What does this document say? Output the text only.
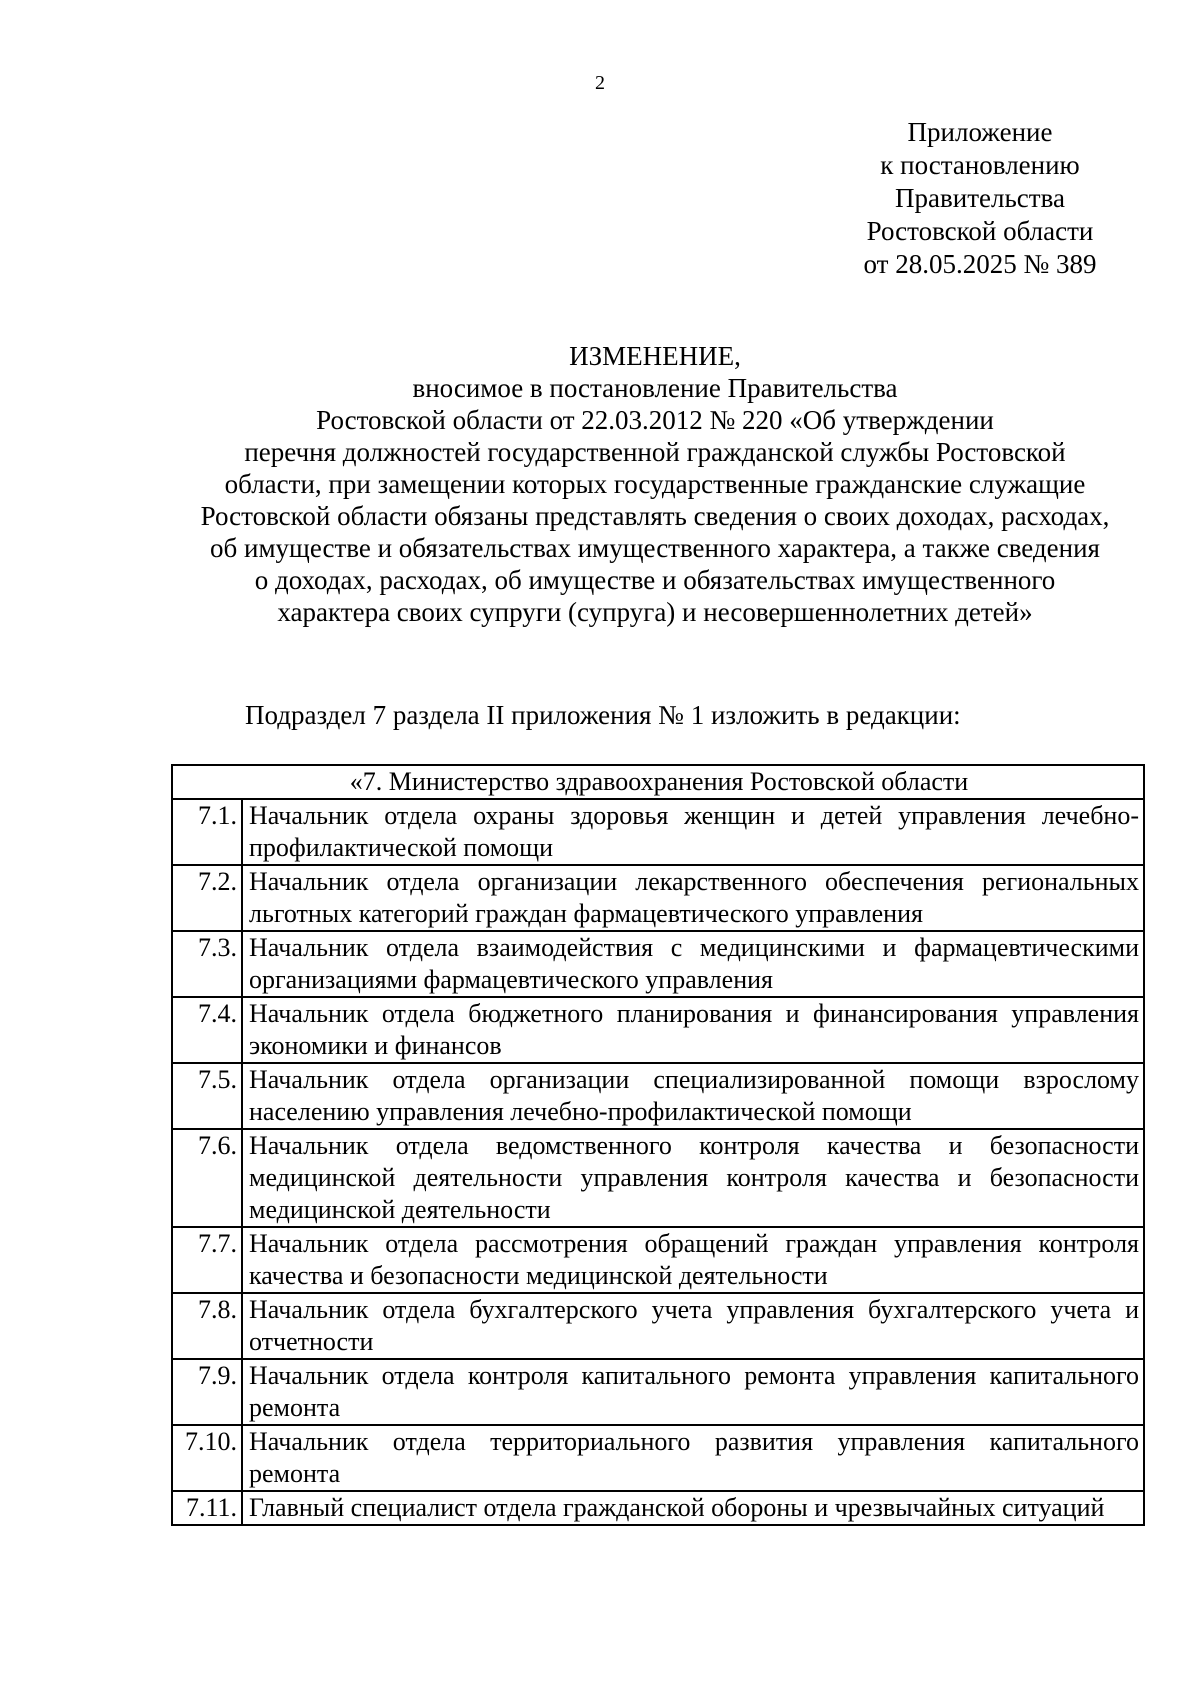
2
Приложение
к постановлению
Правительства
Ростовской области
от 28.05.2025 № 389
ИЗМЕНЕНИЕ,
вносимое в постановление Правительства
Ростовской области от 22.03.2012 № 220 «Об утверждении
перечня должностей государственной гражданской службы Ростовской
области, при замещении которых государственные гражданские служащие
Ростовской области обязаны представлять сведения о своих доходах, расходах,
об имуществе и обязательствах имущественного характера, а также сведения
о доходах, расходах, об имуществе и обязательствах имущественного
характера своих супруги (супруга) и несовершеннолетних детей»
Подраздел 7 раздела II приложения № 1 изложить в редакции:
«7. Министерство здравоохранения Ростовской области	
7.1.	Начальник отдела охраны здоровья женщин и детей управления лечебно-профилактической помощи
7.2.	Начальник отдела организации лекарственного обеспечения региональных льготных категорий граждан фармацевтического управления
7.3.	Начальник отдела взаимодействия с медицинскими и фармацевтическими организациями фармацевтического управления
7.4.	Начальник отдела бюджетного планирования и финансирования управления экономики и финансов
7.5.	Начальник отдела организации специализированной помощи взрослому населению управления лечебно-профилактической помощи
7.6.	Начальник отдела ведомственного контроля качества и безопасности медицинской деятельности управления контроля качества и безопасности медицинской деятельности
7.7.	Начальник отдела рассмотрения обращений граждан управления контроля качества и безопасности медицинской деятельности
7.8.	Начальник отдела бухгалтерского учета управления бухгалтерского учета и отчетности
7.9.	Начальник отдела контроля капитального ремонта управления капитального ремонта
7.10.	Начальник отдела территориального развития управления капитального ремонта
7.11.	Главный специалист отдела гражданской обороны и чрезвычайных ситуаций
